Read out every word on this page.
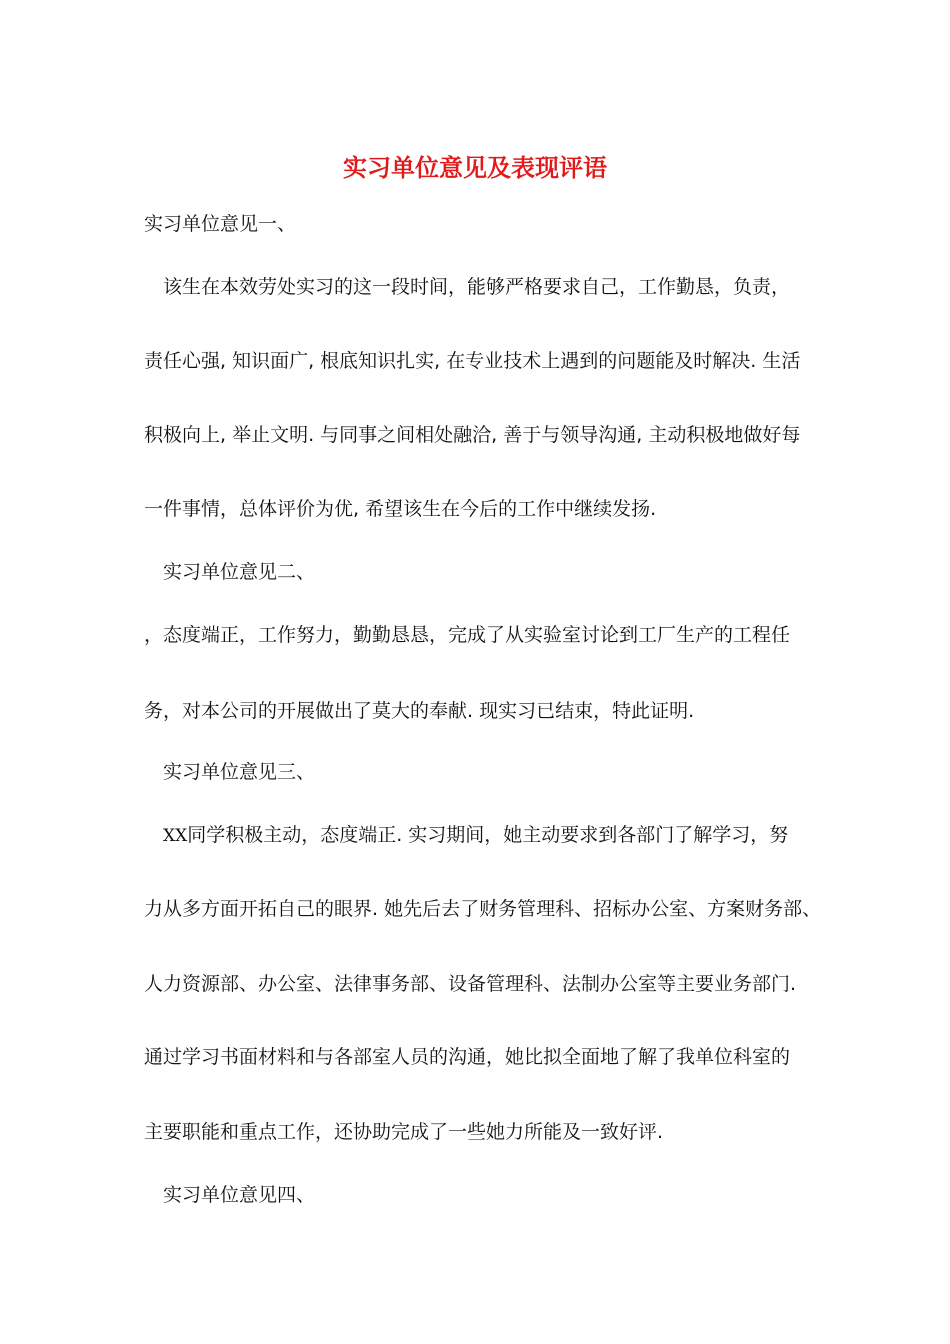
实习单位意见及表现评语
实习单位意见一、
该生在本效劳处实习的这一段时间，能够严格要求自己，工作勤恳，负责，
责任心强, 知识面广, 根底知识扎实, 在专业技术上遇到的问题能及时解决. 生活
积极向上, 举止文明. 与同事之间相处融洽, 善于与领导沟通, 主动积极地做好每
一件事情，总体评价为优, 希望该生在今后的工作中继续发扬.
实习单位意见二、
，态度端正，工作努力，勤勤恳恳，完成了从实验室讨论到工厂生产的工程任
务，对本公司的开展做出了莫大的奉献. 现实习已结束，特此证明.
实习单位意见三、
XX同学积极主动，态度端正. 实习期间，她主动要求到各部门了解学习，努
力从多方面开拓自己的眼界. 她先后去了财务管理科、招标办公室、方案财务部、
人力资源部、办公室、法律事务部、设备管理科、法制办公室等主要业务部门.
通过学习书面材料和与各部室人员的沟通，她比拟全面地了解了我单位科室的
主要职能和重点工作，还协助完成了一些她力所能及一致好评.
实习单位意见四、
